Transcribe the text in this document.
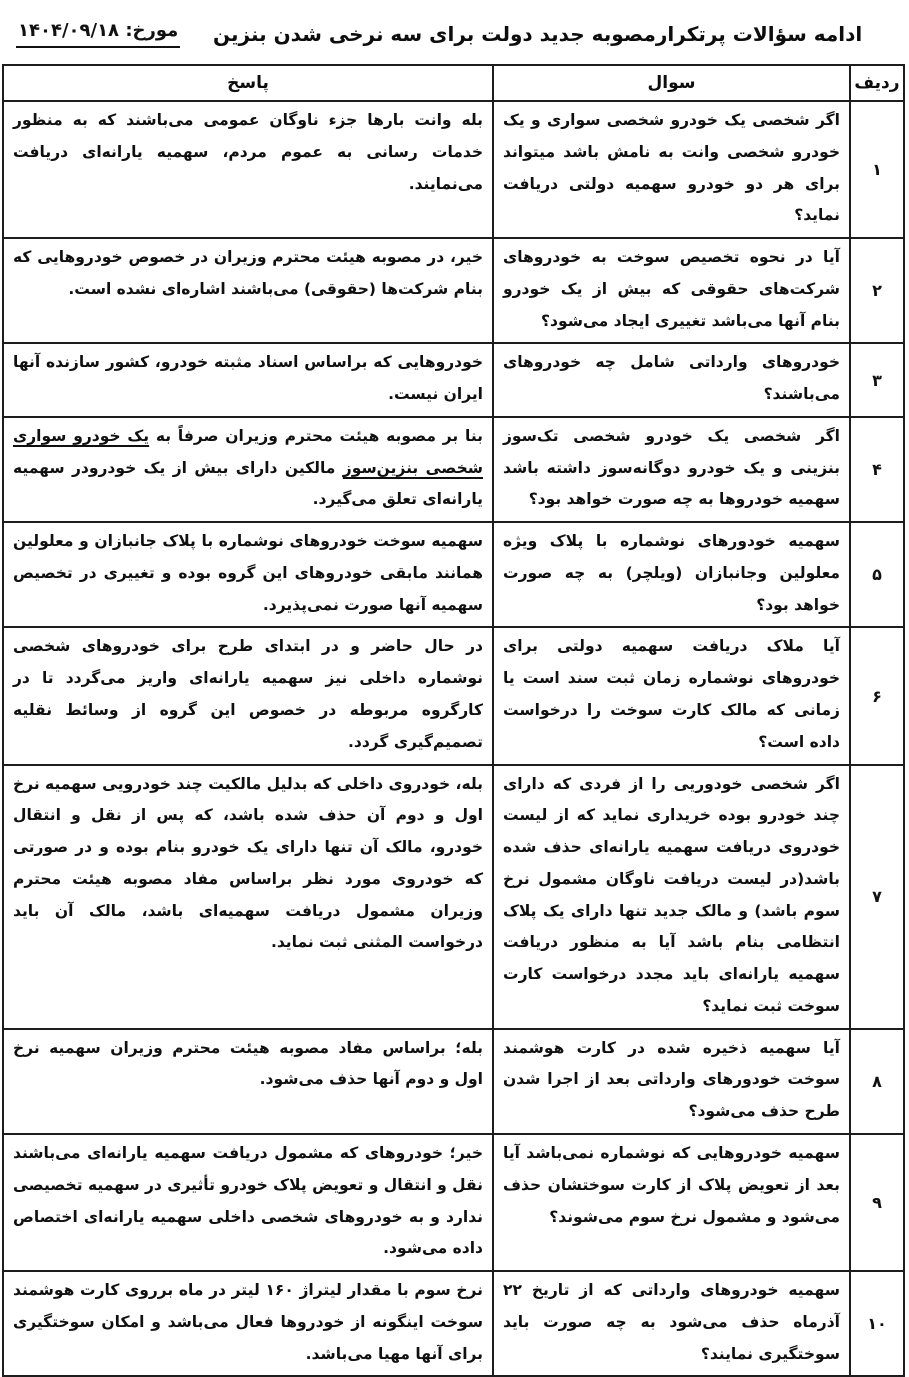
ادامه سؤالات پرتکرارمصوبه جدید دولت برای سه نرخی شدن بنزین
مورخ: ۱۴۰۴/۰۹/۱۸
ردیف	سوال	پاسخ
۱	اگر شخصی یک خودرو شخصی سواری و یک خودرو شخصی وانت به نامش باشد میتواند برای هر دو خودرو سهمیه دولتی دریافت نماید؟	بله وانت بارها جزء ناوگان عمومی می‌باشند که به منظور خدمات رسانی به عموم مردم، سهمیه یارانه‌ای دریافت می‌نمایند.
۲	آیا در نحوه تخصیص سوخت به خودروهای شرکت‌های حقوقی که بیش از یک خودرو بنام آنها می‌باشد تغییری ایجاد می‌شود؟	خیر، در مصوبه هیئت محترم وزیران در خصوص خودروهایی که بنام شرکت‌ها (حقوقی) می‌باشند اشاره‌ای نشده است.
۳	خودروهای وارداتی شامل چه خودروهای می‌باشند؟	خودروهایی که براساس اسناد مثبته خودرو، کشور سازنده آنها ایران نیست.
۴	اگر شخصی یک خودرو شخصی تک‌سوز بنزینی و یک خودرو دوگانه‌سوز داشته باشد سهمیه خودروها به چه صورت خواهد بود؟	بنا بر مصوبه هیئت محترم وزیران صرفاً به یک خودرو سواری شخصی بنزین‌سوز مالکین دارای بیش از یک خودرودر سهمیه یارانه‌ای تعلق می‌گیرد.
۵	سهمیه خودورهای نوشماره با پلاک ویژه معلولین وجانبازان (ویلچر) به چه صورت خواهد بود؟	سهمیه سوخت خودروهای نوشماره با پلاک جانبازان و معلولین همانند مابقی خودروهای این گروه بوده و تغییری در تخصیص سهمیه آنها صورت نمی‌پذیرد.
۶	آیا ملاک دریافت سهمیه دولتی برای خودروهای نوشماره زمان ثبت سند است یا زمانی که مالک کارت سوخت را درخواست داده است؟	در حال حاضر و در ابتدای طرح برای خودروهای شخصی نوشماره داخلی نیز سهمیه یارانه‌ای واریز می‌گردد تا در کارگروه مربوطه در خصوص این گروه از وسائط نقلیه تصمیم‌گیری گردد.
۷	اگر شخصی خودوریی را از فردی که دارای چند خودرو بوده خریداری نماید که از لیست خودروی دریافت سهمیه یارانه‌ای حذف شده باشد(در لیست دریافت ناوگان مشمول نرخ سوم باشد) و مالک جدید تنها دارای یک پلاک انتظامی بنام باشد آیا به منظور دریافت سهمیه یارانه‌ای باید مجدد درخواست کارت سوخت ثبت نماید؟	بله، خودروی داخلی که بدلیل مالکیت چند خودرویی سهمیه نرخ اول و دوم آن حذف شده باشد، که پس از نقل و انتقال خودرو، مالک آن تنها دارای یک خودرو بنام بوده و در صورتی که خودروی مورد نظر براساس مفاد مصوبه هیئت محترم وزیران مشمول دریافت سهمیه‌ای باشد، مالک آن باید درخواست المثنی ثبت نماید.
۸	آیا سهمیه ذخیره شده در کارت هوشمند سوخت خودورهای وارداتی بعد از اجرا شدن طرح حذف می‌شود؟	بله؛ براساس مفاد مصوبه هیئت محترم وزیران سهمیه نرخ اول و دوم آنها حذف می‌شود.
۹	سهمیه خودروهایی که نوشماره نمی‌باشد آیا بعد از تعویض پلاک از کارت سوختشان حذف می‌شود و مشمول نرخ سوم می‌شوند؟	خیر؛ خودروهای که مشمول دریافت سهمیه یارانه‌ای می‌باشند نقل و انتقال و تعویض پلاک خودرو تأثیری در سهمیه تخصیصی ندارد و به خودروهای شخصی داخلی سهمیه یارانه‌ای اختصاص داده می‌شود.
۱۰	سهمیه خودروهای وارداتی که از تاریخ ۲۲ آذرماه حذف می‌شود به چه صورت باید سوختگیری نمایند؟	نرخ سوم با مقدار لیتراژ ۱۶۰ لیتر در ماه برروی کارت هوشمند سوخت اینگونه از خودروها فعال می‌باشد و امکان سوختگیری برای آنها مهیا می‌باشد.
